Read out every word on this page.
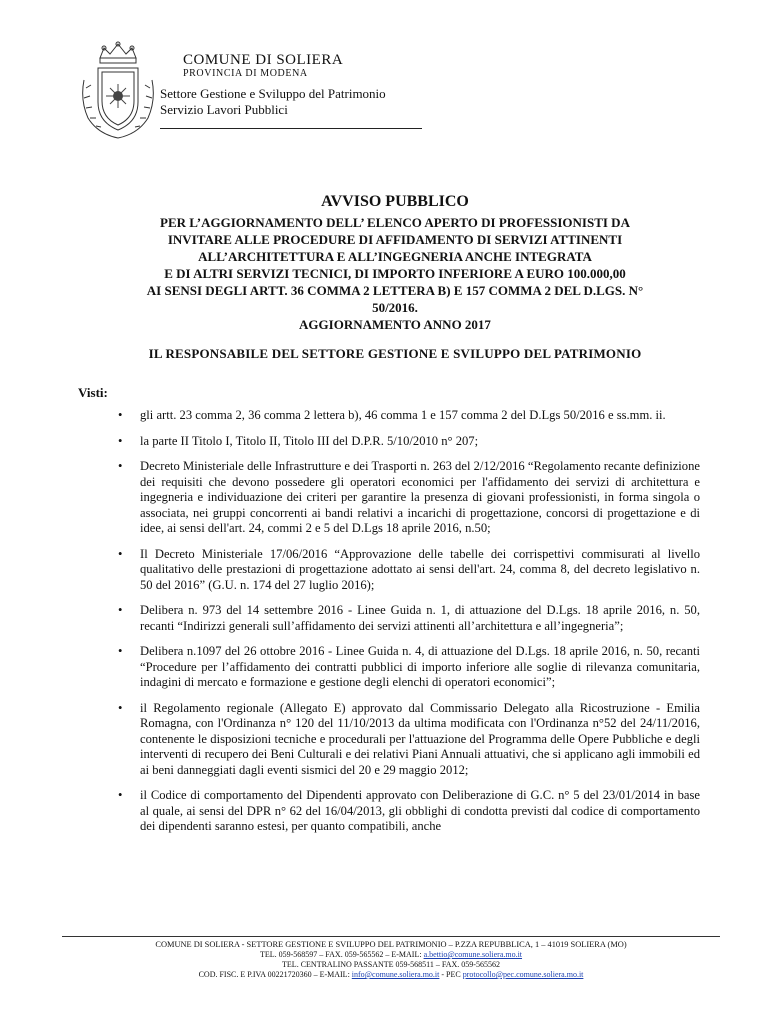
COMUNE DI SOLIERA
PROVINCIA DI MODENA
Settore Gestione e Sviluppo del Patrimonio
Servizio Lavori Pubblici
AVVISO PUBBLICO
PER L’AGGIORNAMENTO DELL’ ELENCO APERTO DI PROFESSIONISTI DA
INVITARE ALLE PROCEDURE DI AFFIDAMENTO DI SERVIZI ATTINENTI
ALL’ARCHITETTURA E ALL’INGEGNERIA ANCHE INTEGRATA
E DI ALTRI SERVIZI TECNICI, DI IMPORTO INFERIORE A EURO 100.000,00
AI SENSI DEGLI ARTT. 36 COMMA 2 LETTERA B) E 157 COMMA 2 DEL D.LGS. N°
50/2016.
AGGIORNAMENTO ANNO 2017
IL RESPONSABILE DEL SETTORE GESTIONE E SVILUPPO DEL PATRIMONIO
Visti:
• gli artt. 23 comma 2, 36 comma 2 lettera b), 46 comma 1 e 157 comma 2 del D.Lgs 50/2016 e ss.mm. ii.
• la parte II Titolo I, Titolo II, Titolo III del D.P.R. 5/10/2010 n° 207;
• Decreto Ministeriale delle Infrastrutture e dei Trasporti n. 263 del 2/12/2016 “Regolamento recante definizione dei requisiti che devono possedere gli operatori economici per l'affidamento dei servizi di architettura e ingegneria e individuazione dei criteri per garantire la presenza di giovani professionisti, in forma singola o associata, nei gruppi concorrenti ai bandi relativi a incarichi di progettazione, concorsi di progettazione e di idee, ai sensi dell'art. 24, commi 2 e 5 del D.Lgs 18 aprile 2016, n.50;
• Il Decreto Ministeriale 17/06/2016 “Approvazione delle tabelle dei corrispettivi commisurati al livello qualitativo delle prestazioni di progettazione adottato ai sensi dell'art. 24, comma 8, del decreto legislativo n. 50 del 2016” (G.U. n. 174 del 27 luglio 2016);
• Delibera n. 973 del 14 settembre 2016 - Linee Guida n. 1, di attuazione del D.Lgs. 18 aprile 2016, n. 50, recanti “Indirizzi generali sull’affidamento dei servizi attinenti all’architettura e all’ingegneria”;
• Delibera n.1097 del 26 ottobre 2016 - Linee Guida n. 4, di attuazione del D.Lgs. 18 aprile 2016, n. 50, recanti “Procedure per l’affidamento dei contratti pubblici di importo inferiore alle soglie di rilevanza comunitaria, indagini di mercato e formazione e gestione degli elenchi di operatori economici”;
• il Regolamento regionale (Allegato E) approvato dal Commissario Delegato alla Ricostruzione - Emilia Romagna, con l'Ordinanza n° 120 del 11/10/2013 da ultima modificata con l'Ordinanza n°52 del 24/11/2016, contenente le disposizioni tecniche e procedurali per l'attuazione del Programma delle Opere Pubbliche e degli interventi di recupero dei Beni Culturali e dei relativi Piani Annuali attuativi, che si applicano agli immobili ed ai beni danneggiati dagli eventi sismici del 20 e 29 maggio 2012;
• il Codice di comportamento del Dipendenti approvato con Deliberazione di G.C. n° 5 del 23/01/2014 in base al quale, ai sensi del DPR n° 62 del 16/04/2013, gli obblighi di condotta previsti dal codice di comportamento dei dipendenti saranno estesi, per quanto compatibili, anche
COMUNE DI SOLIERA - SETTORE GESTIONE E SVILUPPO DEL PATRIMONIO – P.ZZA REPUBBLICA, 1 – 41019 SOLIERA (MO)
TEL. 059-568597 – FAX. 059-565562 – E-MAIL: a.bettio@comune.soliera.mo.it
TEL. CENTRALINO PASSANTE 059-568511 – FAX. 059-565562
COD. FISC. E P.IVA 00221720360 – E-MAIL: info@comune.soliera.mo.it - PEC protocollo@pec.comune.soliera.mo.it
